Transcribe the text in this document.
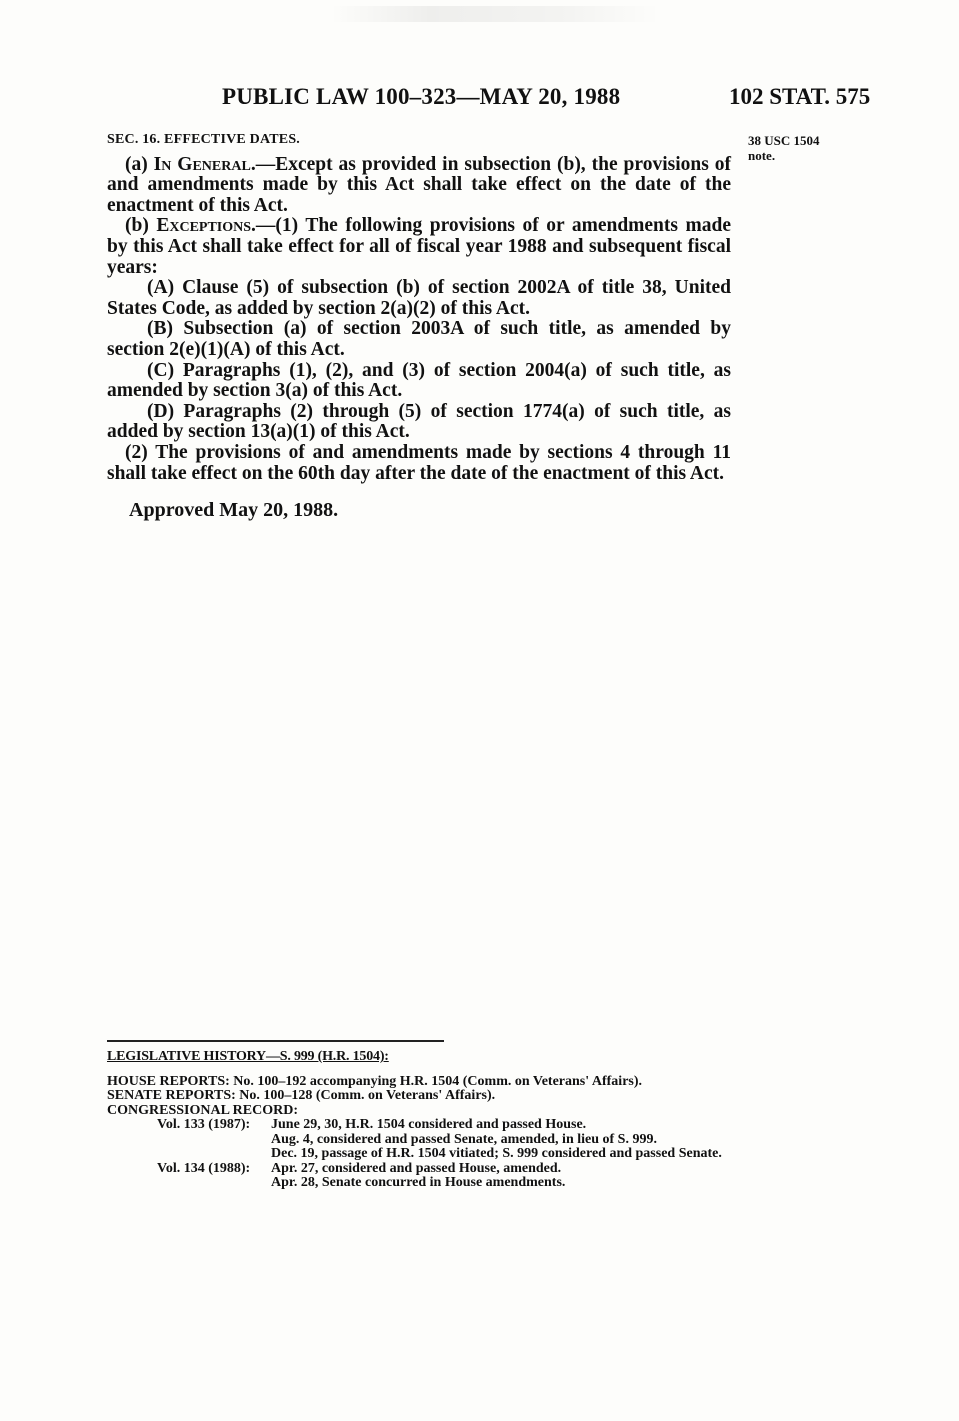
PUBLIC LAW 100–323—MAY 20, 1988	102 STAT. 575
38 USC 1504
note.
SEC. 16. EFFECTIVE DATES.

(a) In General.—Except as provided in subsection (b), the provisions of and amendments made by this Act shall take effect on the date of the enactment of this Act.

(b) Exceptions.—(1) The following provisions of or amendments made by this Act shall take effect for all of fiscal year 1988 and subsequent fiscal years:

(A) Clause (5) of subsection (b) of section 2002A of title 38, United States Code, as added by section 2(a)(2) of this Act.

(B) Subsection (a) of section 2003A of such title, as amended by section 2(e)(1)(A) of this Act.

(C) Paragraphs (1), (2), and (3) of section 2004(a) of such title, as amended by section 3(a) of this Act.

(D) Paragraphs (2) through (5) of section 1774(a) of such title, as added by section 13(a)(1) of this Act.

(2) The provisions of and amendments made by sections 4 through 11 shall take effect on the 60th day after the date of the enactment of this Act.

Approved May 20, 1988.
LEGISLATIVE HISTORY—S. 999 (H.R. 1504):
HOUSE REPORTS: No. 100–192 accompanying H.R. 1504 (Comm. on Veterans' Affairs).
SENATE REPORTS: No. 100–128 (Comm. on Veterans' Affairs).
CONGRESSIONAL RECORD:
Vol. 133 (1987):	June 29, 30, H.R. 1504 considered and passed House.
Aug. 4, considered and passed Senate, amended, in lieu of S. 999.
Dec. 19, passage of H.R. 1504 vitiated; S. 999 considered and passed Senate.
Vol. 134 (1988):	Apr. 27, considered and passed House, amended.
Apr. 28, Senate concurred in House amendments.
